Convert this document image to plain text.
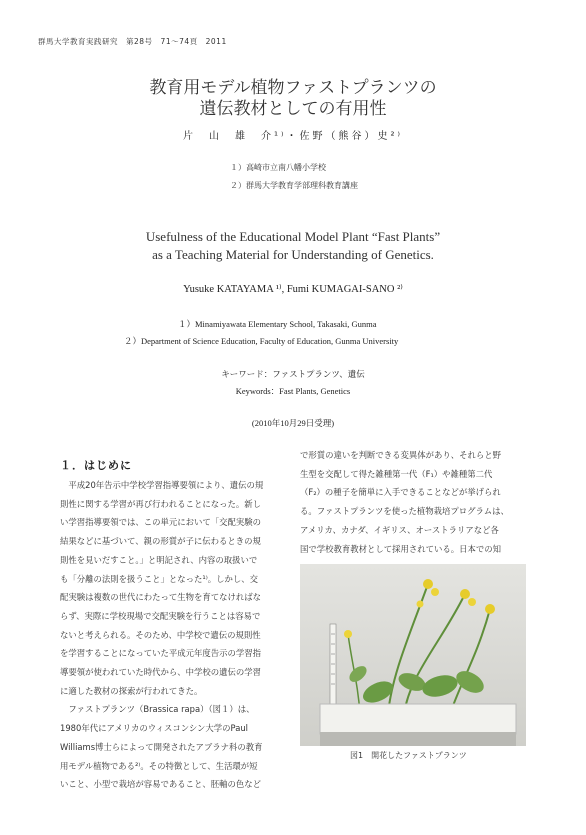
群馬大学教育実践研究　第28号　71〜74頁　2011
教育用モデル植物ファストプランツの
遺伝教材としての有用性
片　山　雄　介¹⁾・佐野（熊谷）史²⁾
１）高崎市立南八幡小学校
２）群馬大学教育学部理科教育講座
Usefulness of the Educational Model Plant “Fast Plants”
as a Teaching Material for Understanding of Genetics.
Yusuke KATAYAMA ¹⁾, Fumi KUMAGAI-SANO ²⁾
１）Minamiyawata Elementary School, Takasaki, Gunma
２）Department of Science Education, Faculty of Education, Gunma University
キーワード：ファストプランツ、遺伝
Keywords：Fast Plants, Genetics
(2010年10月29日受理)
１．はじめに

　平成20年告示中学校学習指導要領により、遺伝の規

則性に関する学習が再び行われることになった。新し

い学習指導要領では、この単元において「交配実験の

結果などに基づいて、親の形質が子に伝わるときの規

則性を見いだすこと。」と明記され、内容の取扱いで

も「分離の法則を扱うこと」となった¹⁾。しかし、交

配実験は複数の世代にわたって生物を育てなければな

らず、実際に学校現場で交配実験を行うことは容易で

ないと考えられる。そのため、中学校で遺伝の規則性

を学習することになっていた平成元年度告示の学習指

導要領が使われていた時代から、中学校の遺伝の学習

に適した教材の探索が行われてきた。

　ファストプランツ（Brassica rapa）（図１）は、

1980年代にアメリカのウィスコンシン大学のPaul

Williams博士らによって開発されたアブラナ科の教育

用モデル植物である²⁾。その特徴として、生活環が短

いこと、小型で栽培が容易であること、胚軸の色など

で形質の違いを判断できる変異体があり、それらと野

生型を交配して得た雑種第一代（F₁）や雑種第二代

（F₂）の種子を簡単に入手できることなどが挙げられ

る。ファストプランツを使った植物栽培プログラムは、

アメリカ、カナダ、イギリス、オーストラリアなど各

国で学校教育教材として採用されている。日本での知

図1　開花したファストプランツ
